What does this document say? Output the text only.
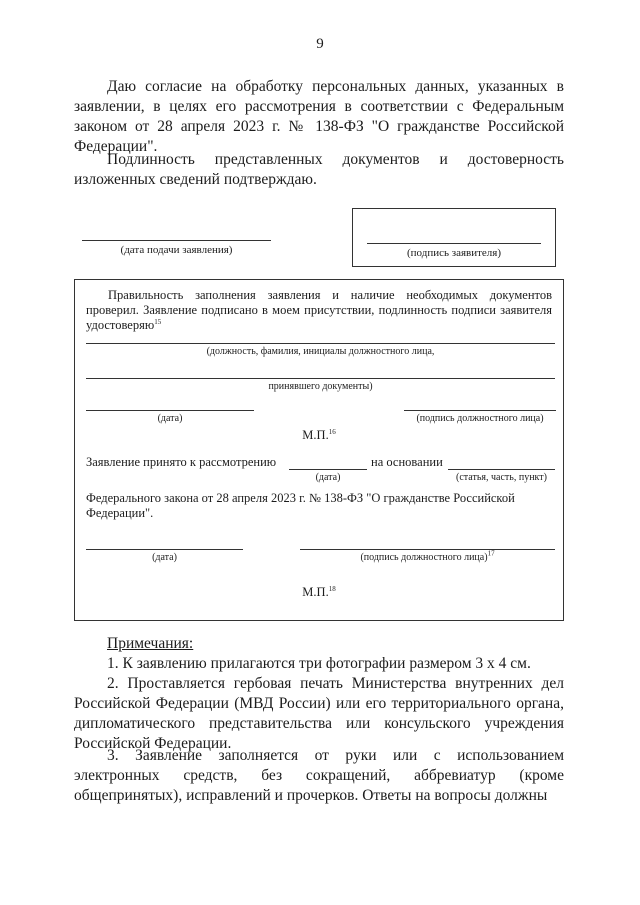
9
Даю согласие на обработку персональных данных, указанных в заявлении, в целях его рассмотрения в соответствии с Федеральным законом от 28 апреля 2023 г. № 138-ФЗ "О гражданстве Российской Федерации".
Подлинность представленных документов и достоверность изложенных сведений подтверждаю.
(дата подачи заявления)	(подпись заявителя)
Правильность заполнения заявления и наличие необходимых документов проверил. Заявление подписано в моем присутствии, подлинность подписи заявителя удостоверяю$^{15}$
(должность, фамилия, инициалы должностного лица,
принявшего документы)
(дата)	(подпись должностного лица)
М.П.$^{16}$
Заявление принято к рассмотрению
(дата)
на основании
(статья, часть, пункт)
Федерального закона от 28 апреля 2023 г. № 138-ФЗ "О гражданстве Российской Федерации".
(дата)	(подпись должностного лица)$^{17}$
М.П.$^{18}$
Примечания:
1. К заявлению прилагаются три фотографии размером 3 х 4 см.
2. Проставляется гербовая печать Министерства внутренних дел Российской Федерации (МВД России) или его территориального органа, дипломатического представительства или консульского учреждения Российской Федерации.
3. Заявление заполняется от руки или с использованием электронных средств, без сокращений, аббревиатур (кроме общепринятых), исправлений и прочерков. Ответы на вопросы должны
